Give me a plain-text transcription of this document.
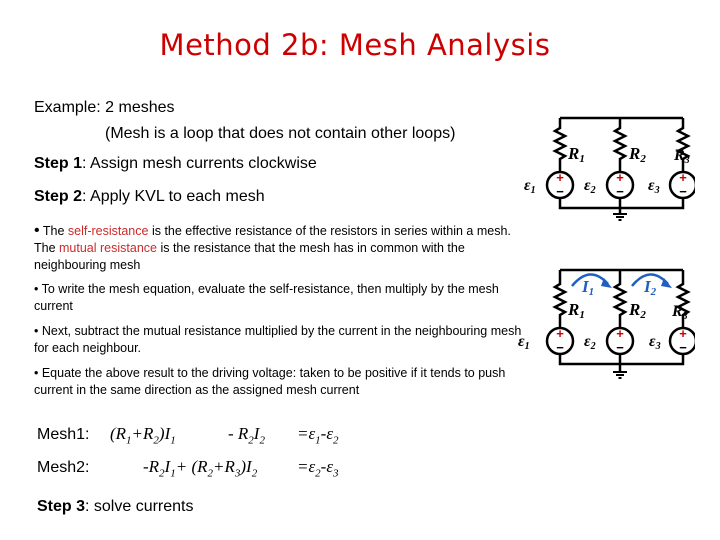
Method 2b: Mesh Analysis
Example: 2 meshes
(Mesh is a loop that does not contain other loops)
Step 1: Assign mesh currents clockwise
Step 2: Apply KVL to each mesh
• The self-resistance is the effective resistance of the resistors in series within a mesh. The mutual resistance is the resistance that the mesh has in common with the neighbouring mesh
• To write the mesh equation, evaluate the self-resistance, then multiply by the mesh current
• Next, subtract the mutual resistance multiplied by the current in the neighbouring mesh for each neighbour.
• Equate the above result to the driving voltage: taken to be positive if it tends to push current in the same direction as the assigned mesh current
Mesh1: $(R_1+R_2)I_1$	- $R_2I_2 =\varepsilon_1-\varepsilon_2$
Mesh2:	$-R_2I_1+ (R_2+R_3)I_2 =\varepsilon_2-\varepsilon_3$
Step 3: solve currents
+
−
+
−
+
−
R1	R2 R3
ε1	ε2	ε3
+
−
+
−
+
−
I1	I2
R1	R2 R3
ε1	ε2	ε3
